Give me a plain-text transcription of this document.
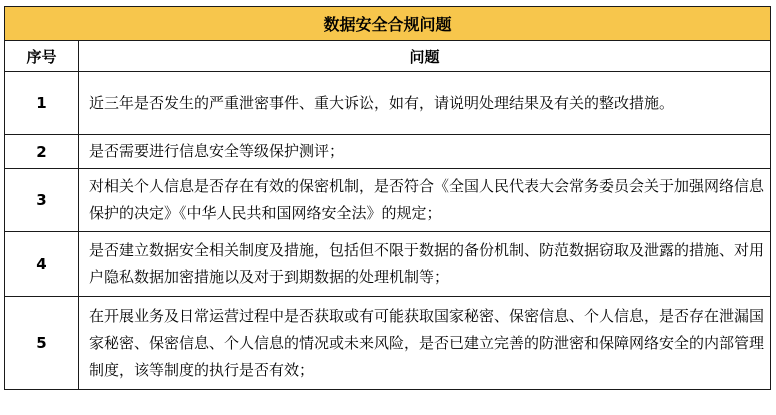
数据安全合规问题	
序号	问题
1	近三年是否发生的严重泄密事件、重大诉讼，如有，请说明处理结果及有关的整改措施。
2	是否需要进行信息安全等级保护测评；
3	对相关个人信息是否存在有效的保密机制，是否符合《全国人民代表大会常务委员会关于加强网络信息保护的决定》《中华人民共和国网络安全法》的规定；
4	是否建立数据安全相关制度及措施，包括但不限于数据的备份机制、防范数据窃取及泄露的措施、对用户隐私数据加密措施以及对于到期数据的处理机制等；
5	在开展业务及日常运营过程中是否获取或有可能获取国家秘密、保密信息、个人信息，是否存在泄漏国家秘密、保密信息、个人信息的情况或未来风险，是否已建立完善的防泄密和保障网络安全的内部管理制度，该等制度的执行是否有效；
